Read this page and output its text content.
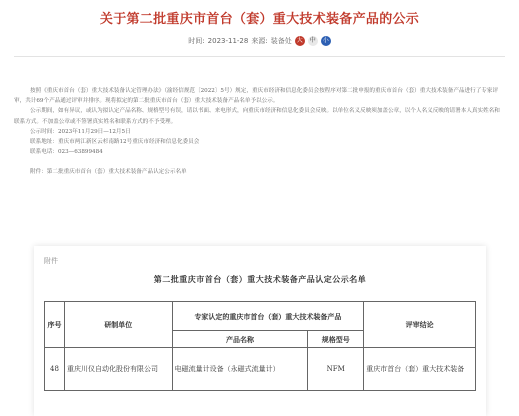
关于第二批重庆市首台（套）重大技术装备产品的公示
时间: 2023-11-28 来源: 装备处 大	中	小

按照《重庆市首台（套）重大技术装备认定管理办法》（渝经信规范〔2022〕5号）规定，重庆市经济和信息化委员会按程序对第二批申报的重庆市首台（套）重大技术装备产品进行了专家评审，共计69个产品通过评审并排序。现将拟定的第二批重庆市首台（套）重大技术装备产品名单予以公示。

公示期间，如有异议，或认为拟认定产品名称、规格型号有误，请以书面、来电形式，向重庆市经济和信息化委员会反映。以单位名义反映须加盖公章，以个人名义反映的请署本人真实姓名和联系方式。不加盖公章或不签署真实姓名和联系方式的不予受理。

公示时间：2023年11月29日—12月5日

联系地址：重庆市两江新区云杉南路12号重庆市经济和信息化委员会

联系电话：023—63899484

附件：第二批重庆市首台（套）重大技术装备产品认定公示名单

附件
第二批重庆市首台（套）重大技术装备产品认定公示名单
序号	研制单位	专家认定的重庆市首台（套）重大技术装备产品		评审结论
		产品名称	规格型号	
48	重庆川仪自动化股份有限公司	电磁流量计设备（永磁式流量计）	NFM	重庆市首台（套）重大技术装备
